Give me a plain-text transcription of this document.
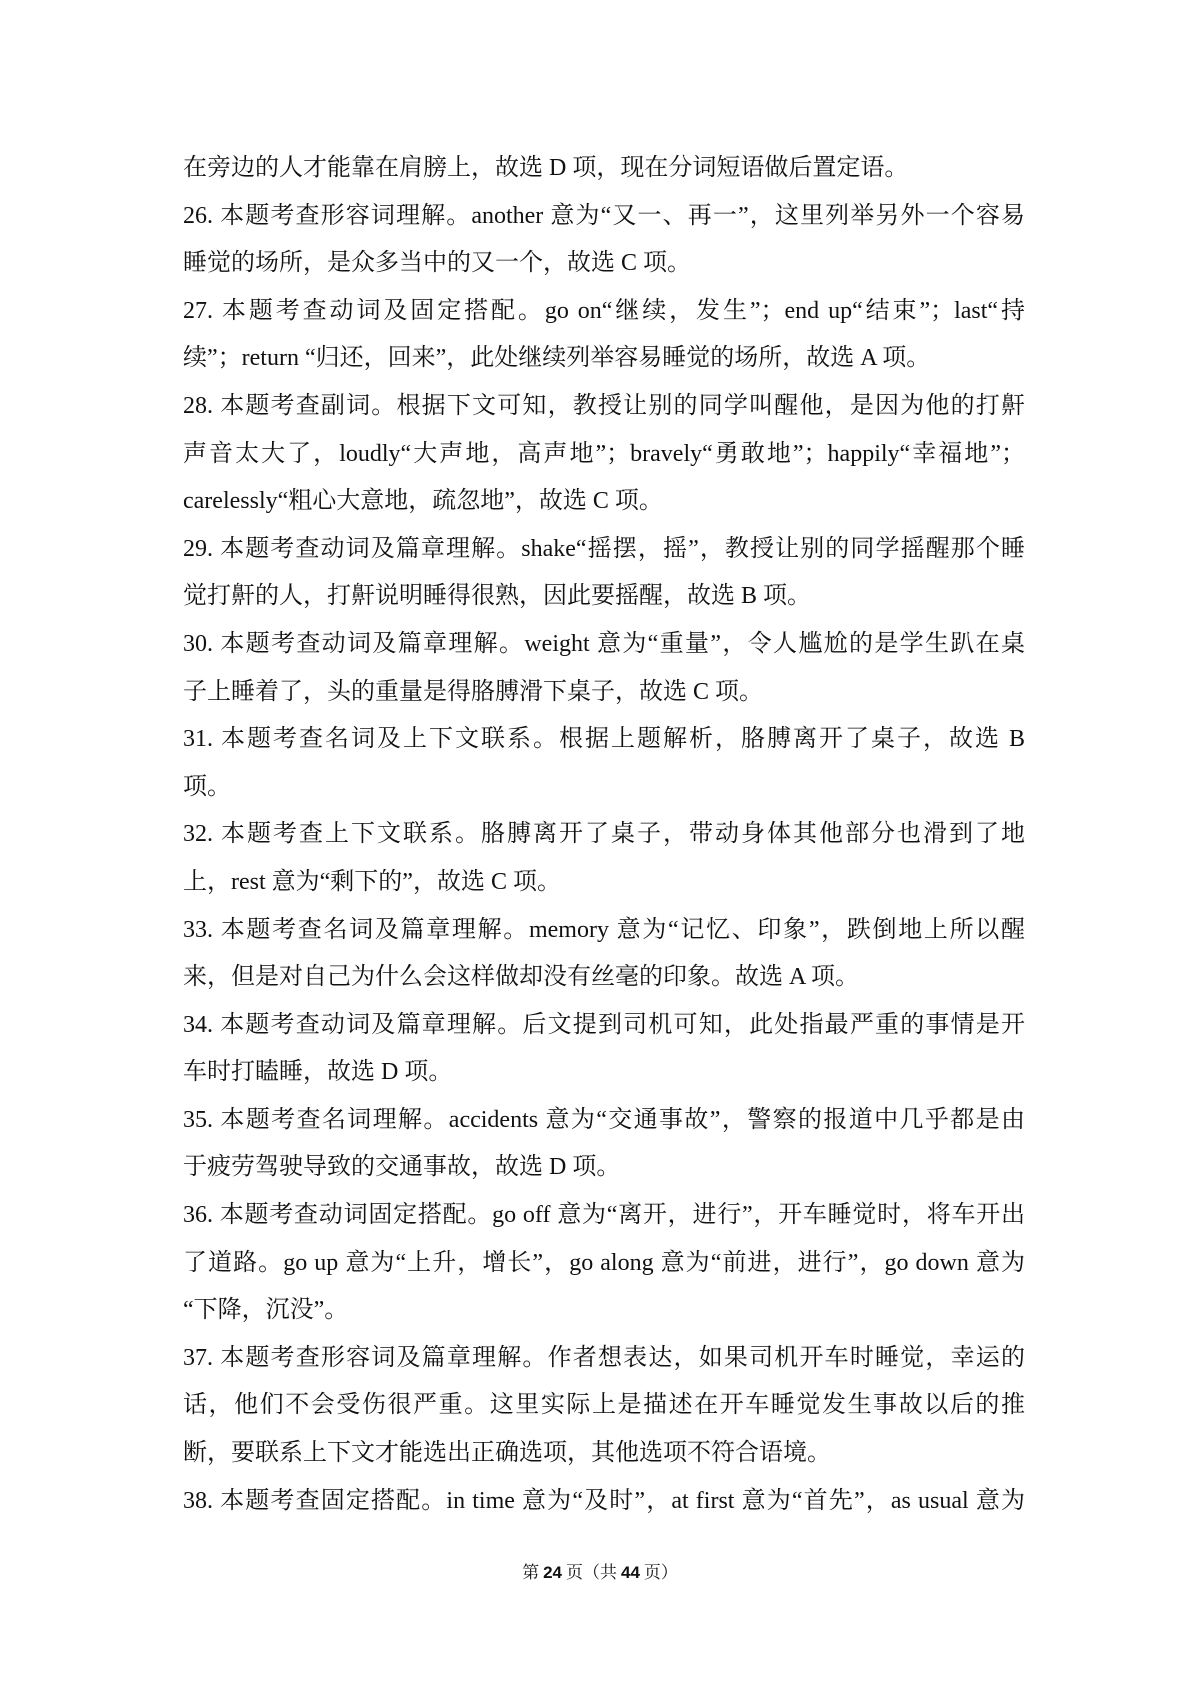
在旁边的人才能靠在肩膀上，故选 D 项，现在分词短语做后置定语。
26. 本题考查形容词理解。another 意为“又一、再一”，这里列举另外一个容易
睡觉的场所，是众多当中的又一个，故选 C 项。
27. 本题考查动词及固定搭配。go on“继续，发生”；end up“结束”；last“持
续”；return “归还，回来”，此处继续列举容易睡觉的场所，故选 A 项。
28. 本题考查副词。根据下文可知，教授让别的同学叫醒他，是因为他的打鼾
声音太大了，loudly“大声地，高声地”；bravely“勇敢地”；happily“幸福地”；
carelessly“粗心大意地，疏忽地”，故选 C 项。
29. 本题考查动词及篇章理解。shake“摇摆，摇”，教授让别的同学摇醒那个睡
觉打鼾的人，打鼾说明睡得很熟，因此要摇醒，故选 B 项。
30. 本题考查动词及篇章理解。weight 意为“重量”，令人尴尬的是学生趴在桌
子上睡着了，头的重量是得胳膊滑下桌子，故选 C 项。
31. 本题考查名词及上下文联系。根据上题解析，胳膊离开了桌子，故选 B
项。
32. 本题考查上下文联系。胳膊离开了桌子，带动身体其他部分也滑到了地
上，rest 意为“剩下的”，故选 C 项。
33. 本题考查名词及篇章理解。memory 意为“记忆、印象”，跌倒地上所以醒
来，但是对自己为什么会这样做却没有丝毫的印象。故选 A 项。
34. 本题考查动词及篇章理解。后文提到司机可知，此处指最严重的事情是开
车时打瞌睡，故选 D 项。
35. 本题考查名词理解。accidents 意为“交通事故”，警察的报道中几乎都是由
于疲劳驾驶导致的交通事故，故选 D 项。
36. 本题考查动词固定搭配。go off 意为“离开，进行”，开车睡觉时，将车开出
了道路。go up 意为“上升，增长”，go along 意为“前进，进行”，go down 意为
“下降，沉没”。
37. 本题考查形容词及篇章理解。作者想表达，如果司机开车时睡觉，幸运的
话，他们不会受伤很严重。这里实际上是描述在开车睡觉发生事故以后的推
断，要联系上下文才能选出正确选项，其他选项不符合语境。
38. 本题考查固定搭配。in time 意为“及时”，at first 意为“首先”，as usual 意为
第 24 页（共 44 页）
